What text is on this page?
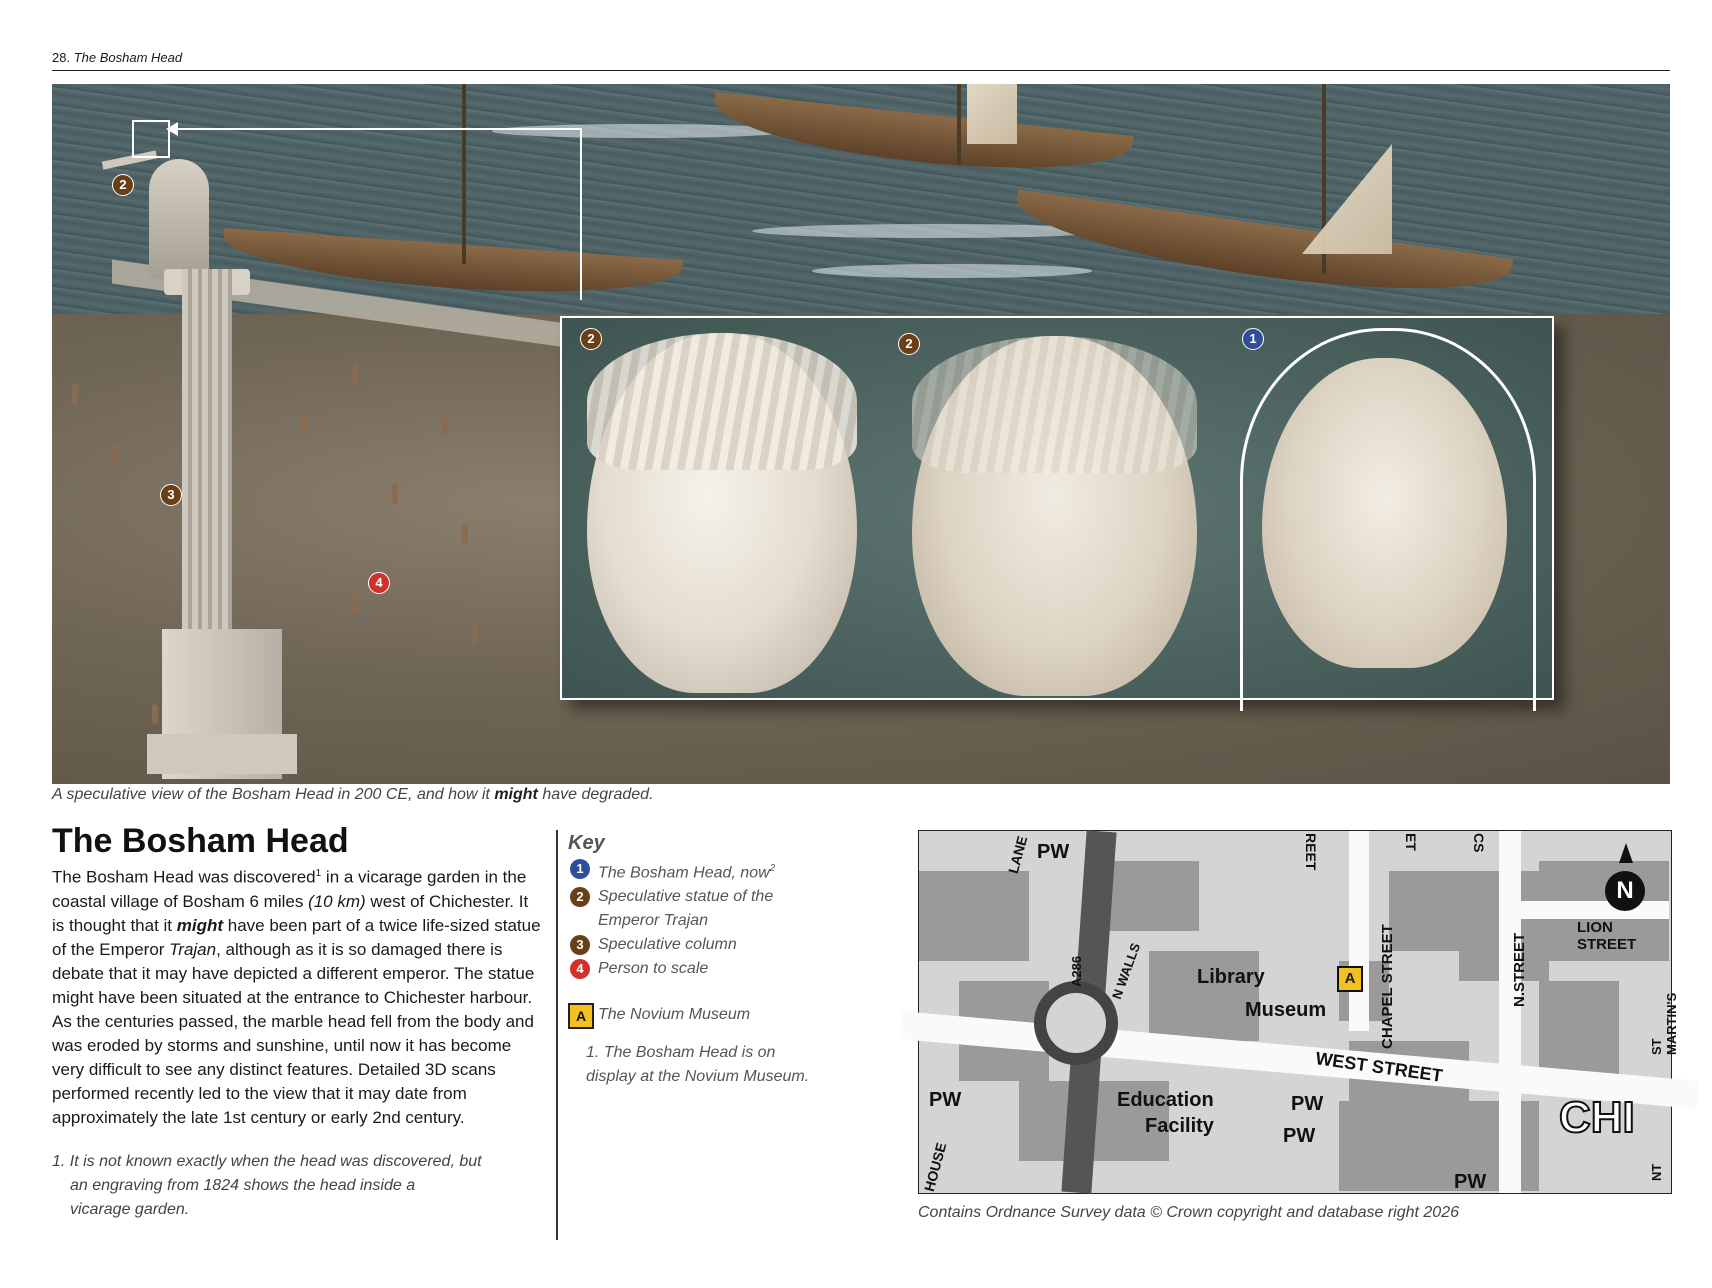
28. The Bosham Head
2
3
4
2	2	1
A speculative view of the Bosham Head in 200 CE, and how it might have degraded.
The Bosham Head
The Bosham Head was discovered$^1$ in a vicarage garden in the coastal village of Bosham 6 miles (10 km) west of Chichester. It is thought that it might have been part of a twice life-sized statue of the Emperor Trajan, although as it is so damaged there is debate that it may have depicted a different emperor. The statue might have been situated at the entrance to Chichester harbour. As the centuries passed, the marble head fell from the body and was eroded by storms and sunshine, until now it has become very difficult to see any distinct features. Detailed 3D scans performed recently led to the view that it may date from approximately the late 1st century or early 2nd century.
1. It is not known exactly when the head was discovered, but
an engraving from 1824 shows the head inside a
vicarage garden.
Key
1 The Bosham Head, now$^2$
2 Speculative statue of the Emperor Trajan
3 Speculative column
4 Person to scale
A The Novium Museum
1. The Bosham Head is on display at the Novium Museum.
PW
PW	PW
PW
PW
Library
Museum
Education
Facility
WEST STREET
CHAPEL STREET	N.STREET
LION STREET
ST MARTIN'S
N WALLS
A286
HOUSE
LANE	REET	ET	CS
NT
CHI
A
N
Contains Ordnance Survey data © Crown copyright and database right 2026
